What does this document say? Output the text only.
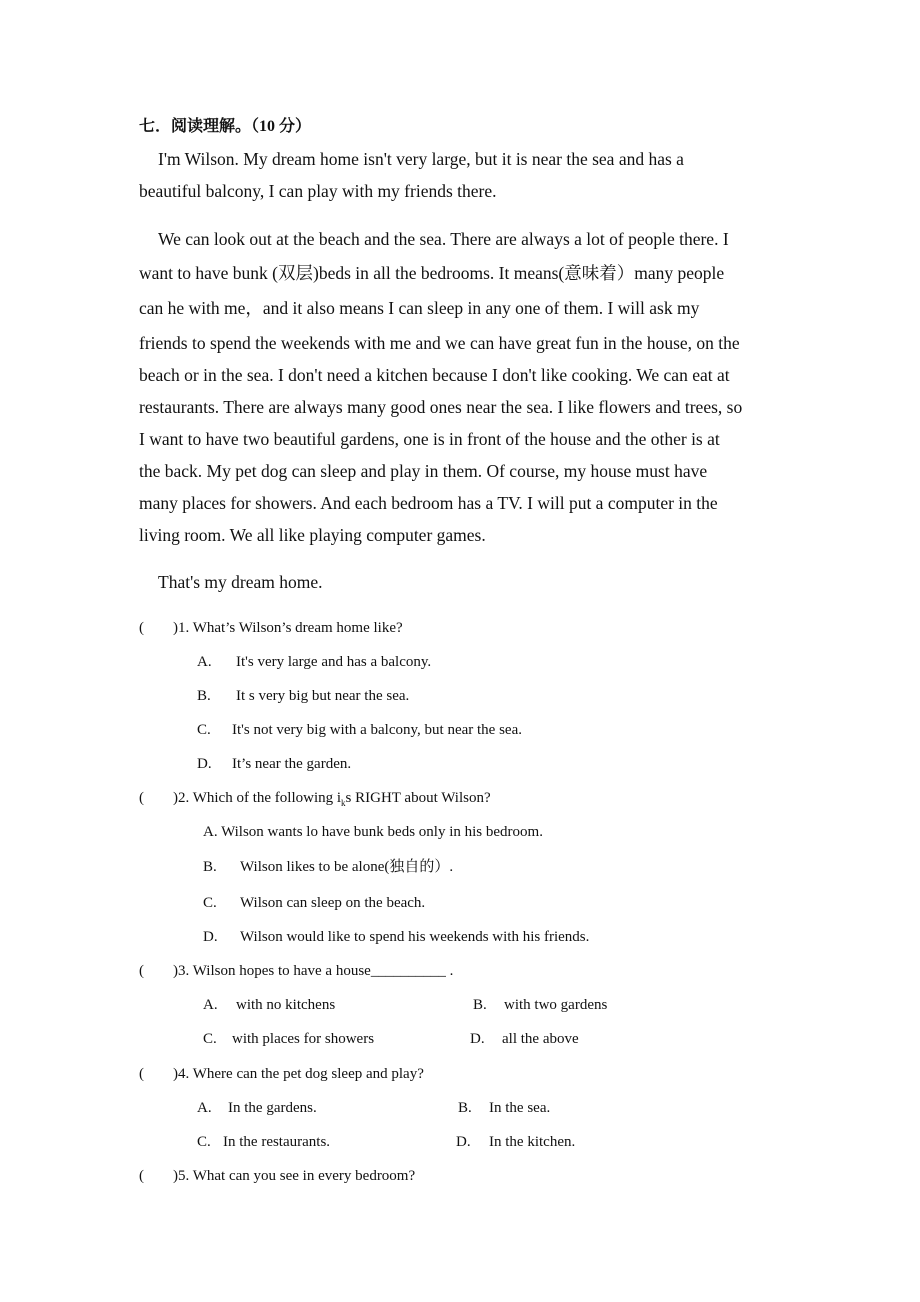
七．阅读理解。（10 分）
I'm Wilson. My dream home isn't very large, but it is near the sea and has a
beautiful balcony, I can play with my friends there.
We can look out at the beach and the sea. There are always a lot of people there. I
want to have bunk (双层)beds in all the bedrooms. It means(意味着）many people
can he with me，and it also means I can sleep in any one of them. I will ask my
friends to spend the weekends with me and we can have great fun in the house, on the
beach or in the sea. I don't need a kitchen because I don't like cooking. We can eat at
restaurants. There are always many good ones near the sea. I like flowers and trees, so
I want to have two beautiful gardens, one is in front of the house and the other is at
the back. My pet dog can sleep and play in them. Of course, my house must have
many places for showers. And each bedroom has a TV. I will put a computer in the
living room. We all like playing computer games.
That's my dream home.
( )1. What’s Wilson’s dream home like?
A. It's very large and has a balcony.
B. It s very big but near the sea.
C. It's not very big with a balcony, but near the sea.
D. It’s near the garden.
( )2. Which of the following $i_ks$ RIGHT about Wilson?
A. Wilson wants lo have bunk beds only in his bedroom.
B. Wilson likes to be alone(独自的）.
C. Wilson can sleep on the beach.
D. Wilson would like to spend his weekends with his friends.
( )3. Wilson hopes to have a house__________ .
A. with no kitchens	B. with two gardens
C. with places for showers	D. all the above
( )4. Where can the pet dog sleep and play?
A. In the gardens.	B. In the sea.
C. In the restaurants.	D. In the kitchen.
( )5. What can you see in every bedroom?
